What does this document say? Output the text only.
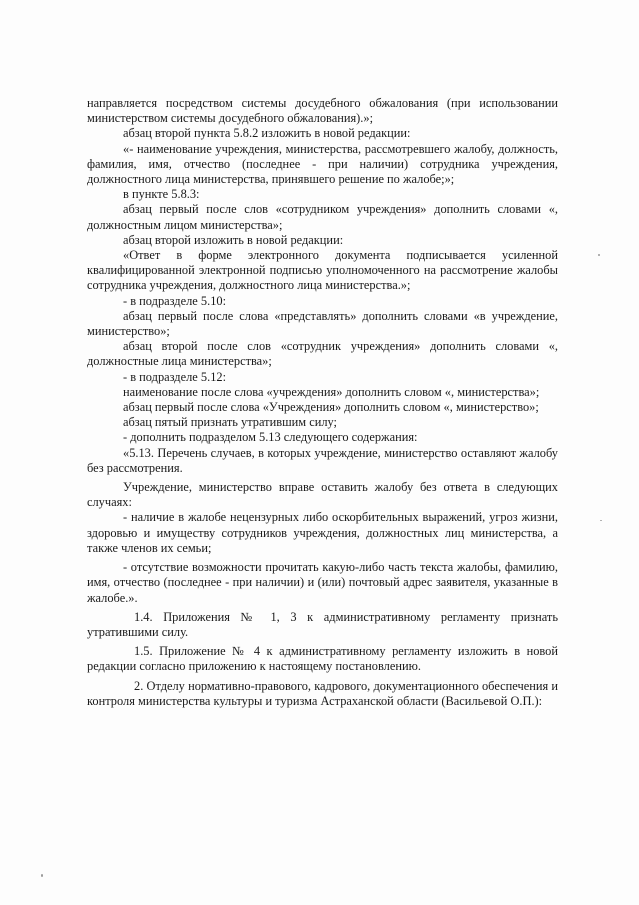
направляется посредством системы досудебного обжалования (при использовании министерством системы досудебного обжалования).»;

абзац второй пункта 5.8.2 изложить в новой редакции:

«- наименование учреждения, министерства, рассмотревшего жалобу, должность, фамилия, имя, отчество (последнее - при наличии) сотрудника учреждения, должностного лица министерства, принявшего решение по жалобе;»;

в пункте 5.8.3:

абзац первый после слов «сотрудником учреждения» дополнить словами «, должностным лицом министерства»;

абзац второй изложить в новой редакции:

«Ответ в форме электронного документа подписывается усиленной квалифицированной электронной подписью уполномоченного на рассмотрение жалобы сотрудника учреждения, должностного лица министерства.»;

- в подразделе 5.10:

абзац первый после слова «представлять» дополнить словами «в учреждение, министерство»;

абзац второй после слов «сотрудник учреждения» дополнить словами «, должностные лица министерства»;

- в подразделе 5.12:

наименование после слова «учреждения» дополнить словом «, министерства»;

абзац первый после слова «Учреждения» дополнить словом «, министерство»;

абзац пятый признать утратившим силу;

- дополнить подразделом 5.13 следующего содержания:

«5.13. Перечень случаев, в которых учреждение, министерство оставляют жалобу без рассмотрения.

Учреждение, министерство вправе оставить жалобу без ответа в следующих случаях:

- наличие в жалобе нецензурных либо оскорбительных выражений, угроз жизни, здоровью и имуществу сотрудников учреждения, должностных лиц министерства, а также членов их семьи;

- отсутствие возможности прочитать какую-либо часть текста жалобы, фамилию, имя, отчество (последнее - при наличии) и (или) почтовый адрес заявителя, указанные в жалобе.».

1.4. Приложения № 1, 3 к административному регламенту признать утратившими силу.

1.5. Приложение № 4 к административному регламенту изложить в новой редакции согласно приложению к настоящему постановлению.

2. Отделу нормативно-правового, кадрового, документационного обеспечения и контроля министерства культуры и туризма Астраханской области (Васильевой О.П.):
